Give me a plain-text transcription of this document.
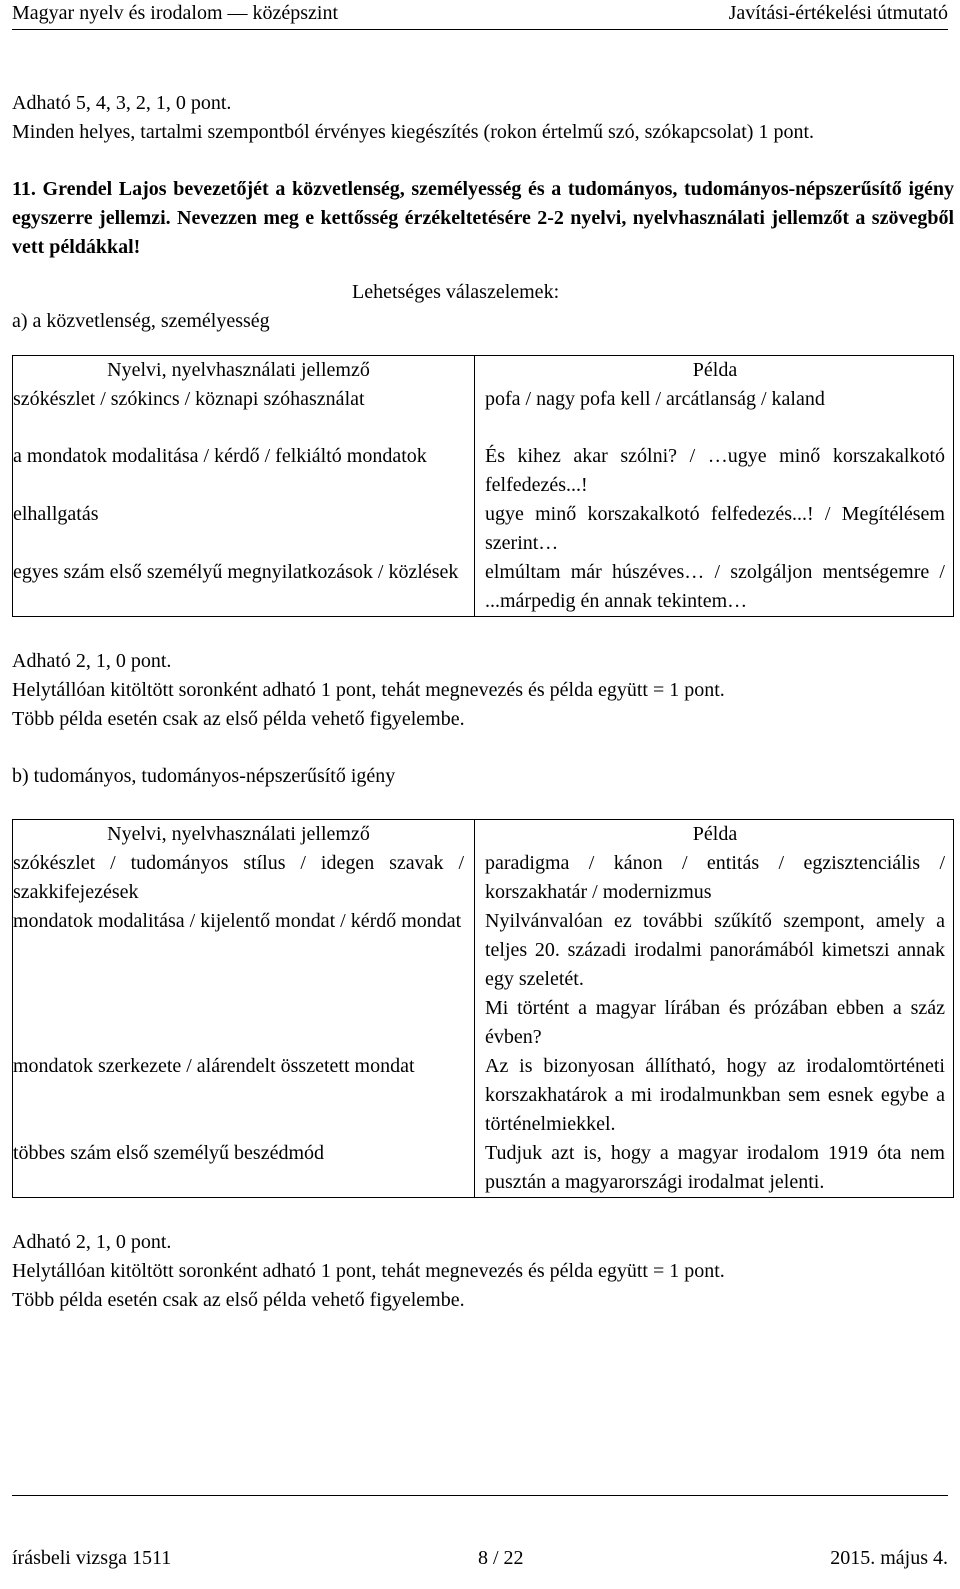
Magyar nyelv és irodalom — középszint	Javítási-értékelési útmutató

Adható 5, 4, 3, 2, 1, 0 pont.

Minden helyes, tartalmi szempontból érvényes kiegészítés (rokon értelmű szó, szókapcsolat) 1 pont.

11. Grendel Lajos bevezetőjét a közvetlenség, személyesség és a tudományos, tudományos-népszerűsítő igény egyszerre jellemzi. Nevezzen meg e kettősség érzékeltetésére 2-2 nyelvi, nyelvhasználati jellemzőt a szövegből vett példákkal!

Lehetséges válaszelemek:
a) a közvetlenség, személyesség
Nyelvi, nyelvhasználati jellemző	Példa
szókészlet / szókincs / köznapi szóhasználat	pofa / nagy pofa kell / arcátlanság / kaland

a mondatok modalitása / kérdő / felkiáltó mondatok	És kihez akar szólni? / …ugye minő korszakalkotó felfedezés...!
elhallgatás	ugye minő korszakalkotó felfedezés...! / Megítélésem szerint…
egyes szám első személyű megnyilatkozások / közlések	elmúltam már húszéves… / szolgáljon mentségemre / ...márpedig én annak tekintem…

Adható 2, 1, 0 pont.

Helytállóan kitöltött soronként adható 1 pont, tehát megnevezés és példa együtt = 1 pont.

Több példa esetén csak az első példa vehető figyelembe.

b) tudományos, tudományos-népszerűsítő igény

Nyelvi, nyelvhasználati jellemző	Példa
szókészlet / tudományos stílus / idegen szavak / szakkifejezések	paradigma / kánon / entitás / egzisztenciális / korszakhatár / modernizmus
mondatok modalitása / kijelentő mondat / kérdő mondat	Nyilvánvalóan ez további szűkítő szempont, amely a teljes 20. századi irodalmi panorámából kimetszi annak egy szeletét.
Mi történt a magyar lírában és prózában ebben a száz évben?

mondatok szerkezete / alárendelt összetett mondat	Az is bizonyosan állítható, hogy az irodalomtörténeti korszakhatárok a mi irodalmunkban sem esnek egybe a történelmiekkel.
többes szám első személyű beszédmód	Tudjuk azt is, hogy a magyar irodalom 1919 óta nem pusztán a magyarországi irodalmat jelenti.

Adható 2, 1, 0 pont.

Helytállóan kitöltött soronként adható 1 pont, tehát megnevezés és példa együtt = 1 pont.

Több példa esetén csak az első példa vehető figyelembe.

írásbeli vizsga 1511	8 / 22	2015. május 4.
